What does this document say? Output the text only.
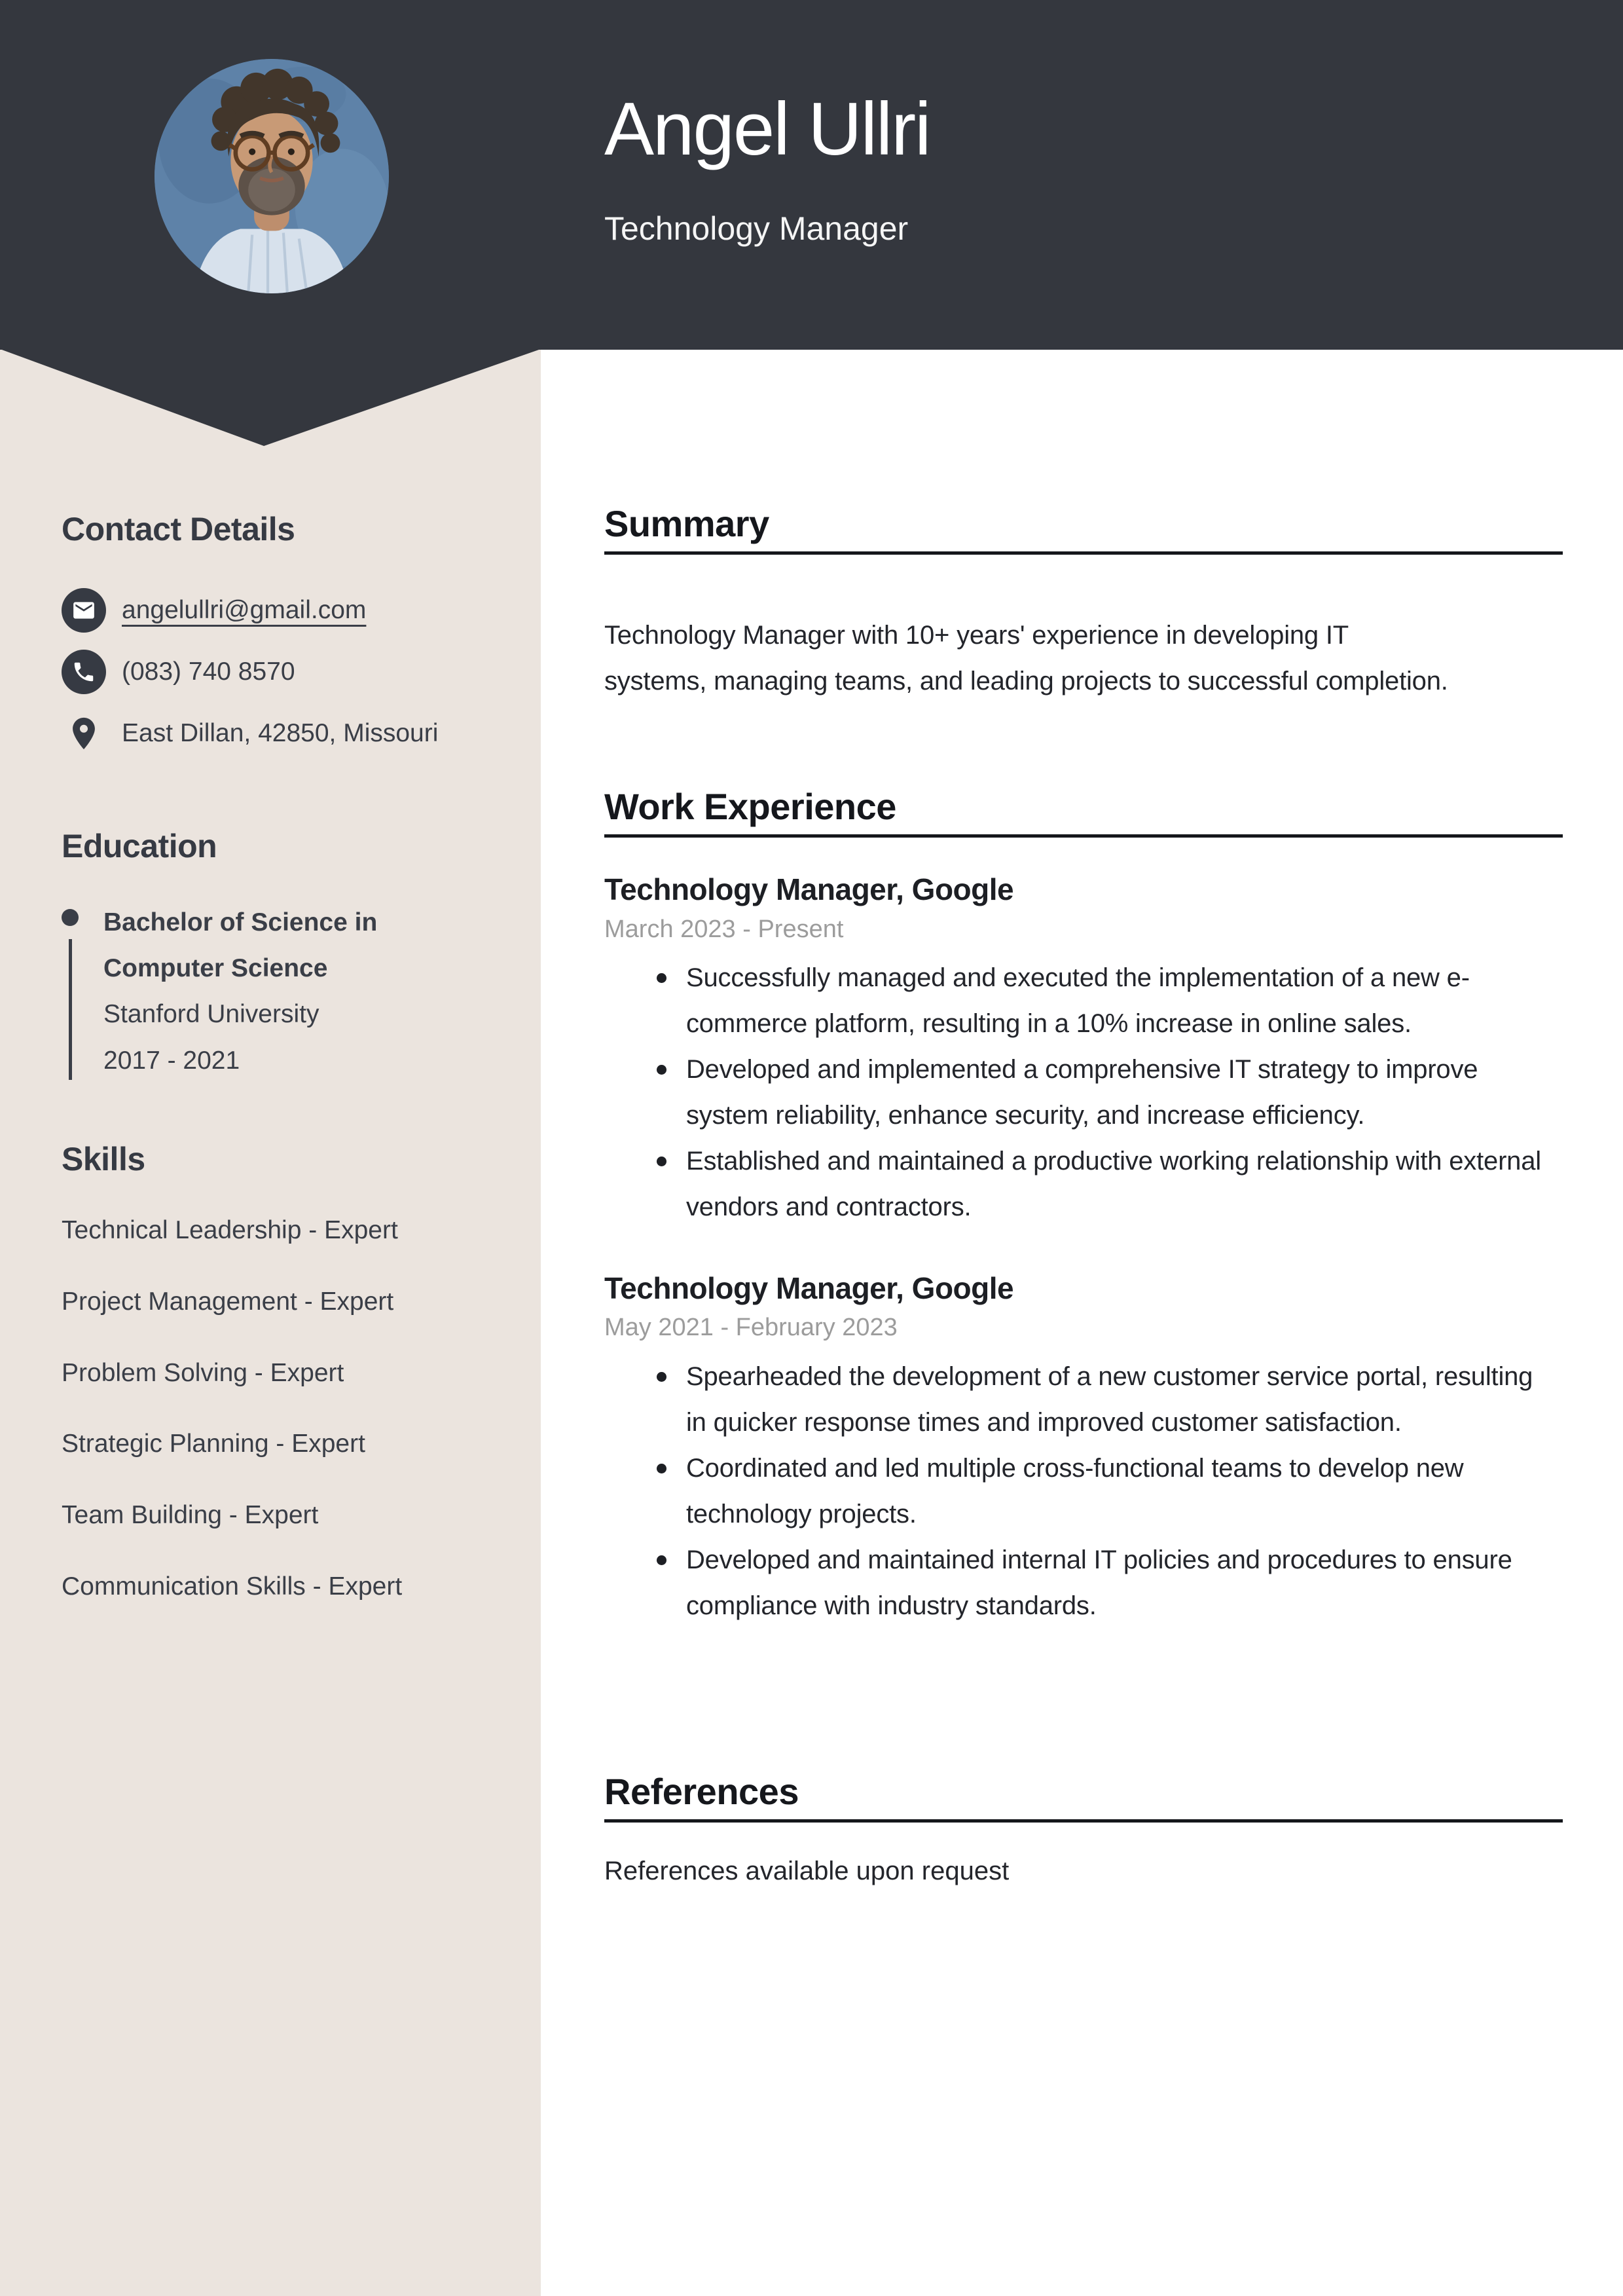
Angel Ullri
Technology Manager
Contact Details
angelullri@gmail.com
(083) 740 8570
East Dillan, 42850, Missouri
Education
Bachelor of Science in Computer Science
Stanford University
2017 - 2021
Skills
Technical Leadership - Expert
Project Management - Expert
Problem Solving - Expert
Strategic Planning - Expert
Team Building - Expert
Communication Skills - Expert
Summary

Technology Manager with 10+ years' experience in developing IT systems, managing teams, and leading projects to successful completion.

Work Experience
Technology Manager, Google
March 2023 - Present
Successfully managed and executed the implementation of a new e-commerce platform, resulting in a 10% increase in online sales.
Developed and implemented a comprehensive IT strategy to improve system reliability, enhance security, and increase efficiency.
Established and maintained a productive working relationship with external vendors and contractors.
Technology Manager, Google
May 2021 - February 2023
Spearheaded the development of a new customer service portal, resulting in quicker response times and improved customer satisfaction.
Coordinated and led multiple cross-functional teams to develop new technology projects.
Developed and maintained internal IT policies and procedures to ensure compliance with industry standards.
References

References available upon request
